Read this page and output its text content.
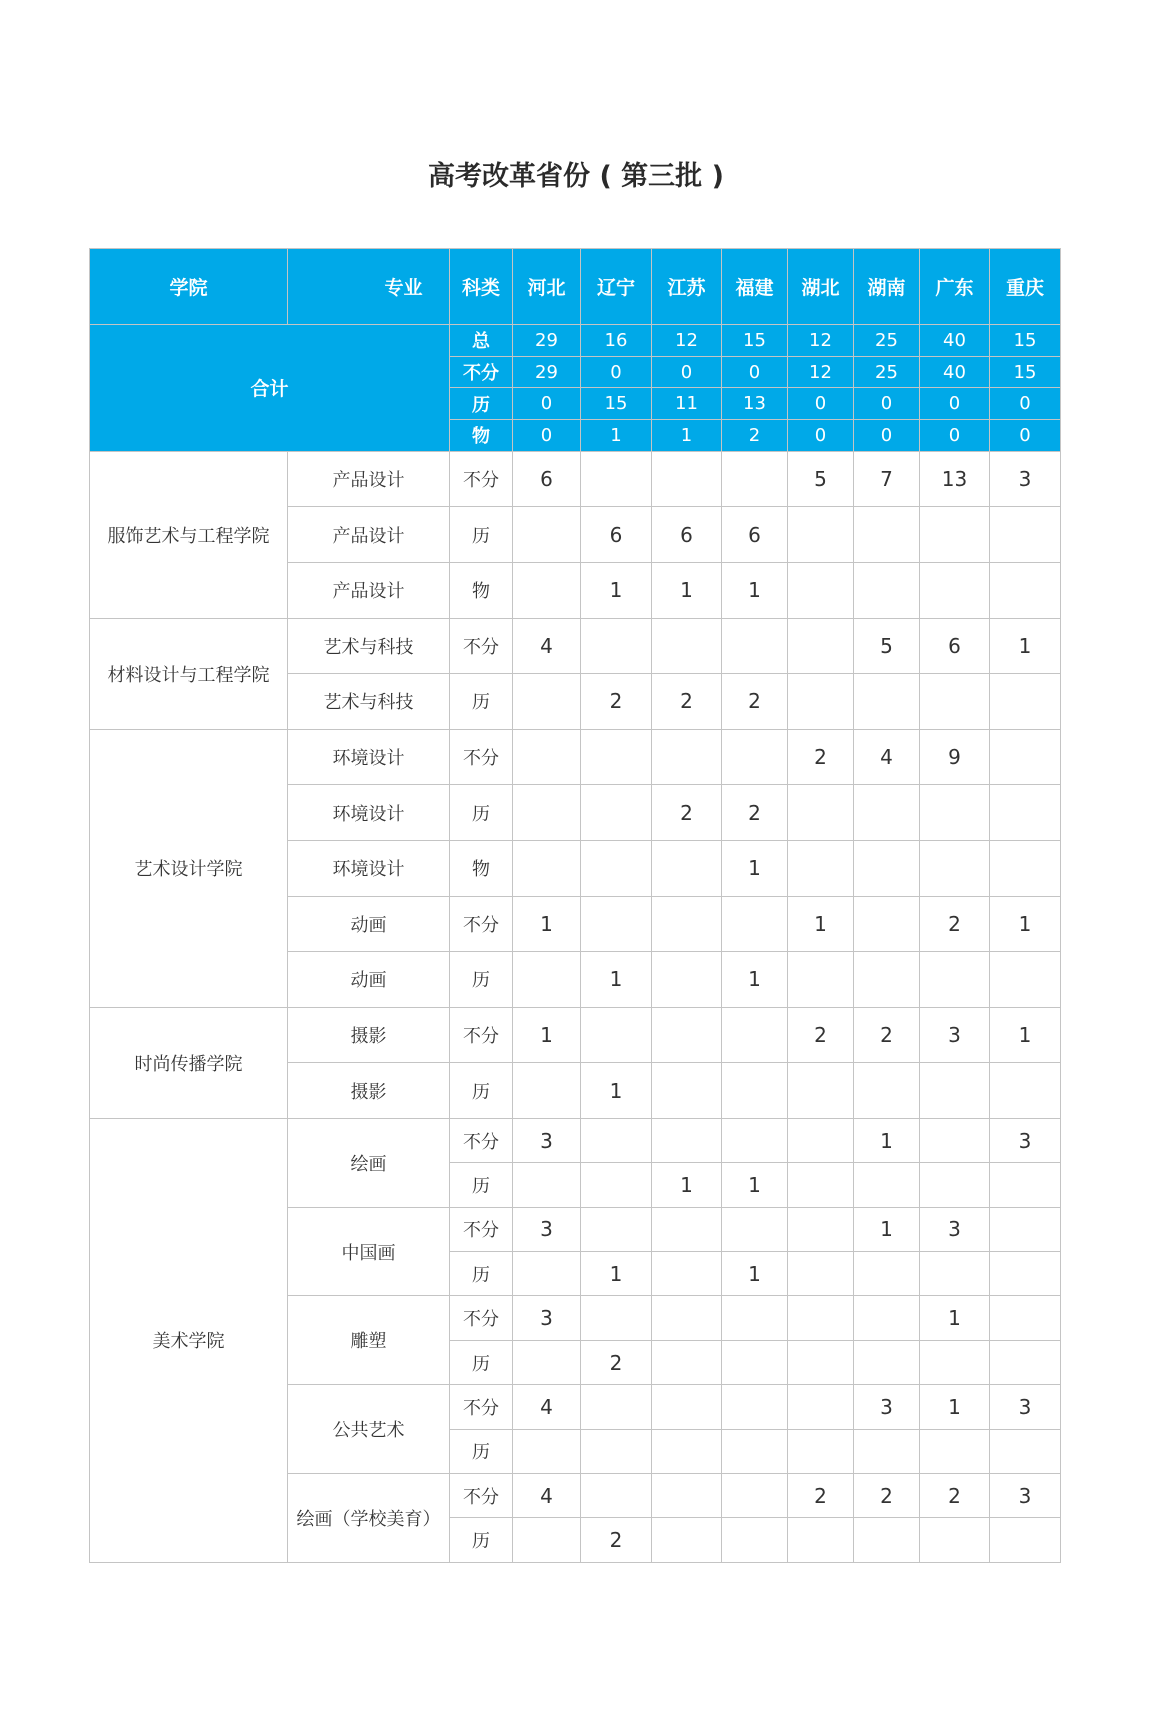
高考改革省份 ( 第三批 )
学院	专业	科类	河北	辽宁	江苏	福建	湖北	湖南	广东	重庆
合计		总	29	16	12	15	12	25	40	15
		不分	29	0	0	0	12	25	40	15
		历	0	15	11	13	0	0	0	0
		物	0	1	1	2	0	0	0	0
服饰艺术与工程学院	产品设计	不分	6				5	7	13	3
	产品设计	历		6	6	6				
	产品设计	物		1	1	1				
材料设计与工程学院	艺术与科技	不分	4					5	6	1
	艺术与科技	历		2	2	2				
艺术设计学院	环境设计	不分					2	4	9	
	环境设计	历			2	2				
	环境设计	物				1				
	动画	不分	1				1		2	1
	动画	历		1		1				
时尚传播学院	摄影	不分	1				2	2	3	1
	摄影	历		1						
美术学院	绘画	不分	3					1		3
		历			1	1				
	中国画	不分	3					1	3	
		历		1		1				
	雕塑	不分	3						1	
		历		2						
	公共艺术	不分	4					3	1	3
		历								
	绘画（学校美育）	不分	4				2	2	2	3
		历		2						
